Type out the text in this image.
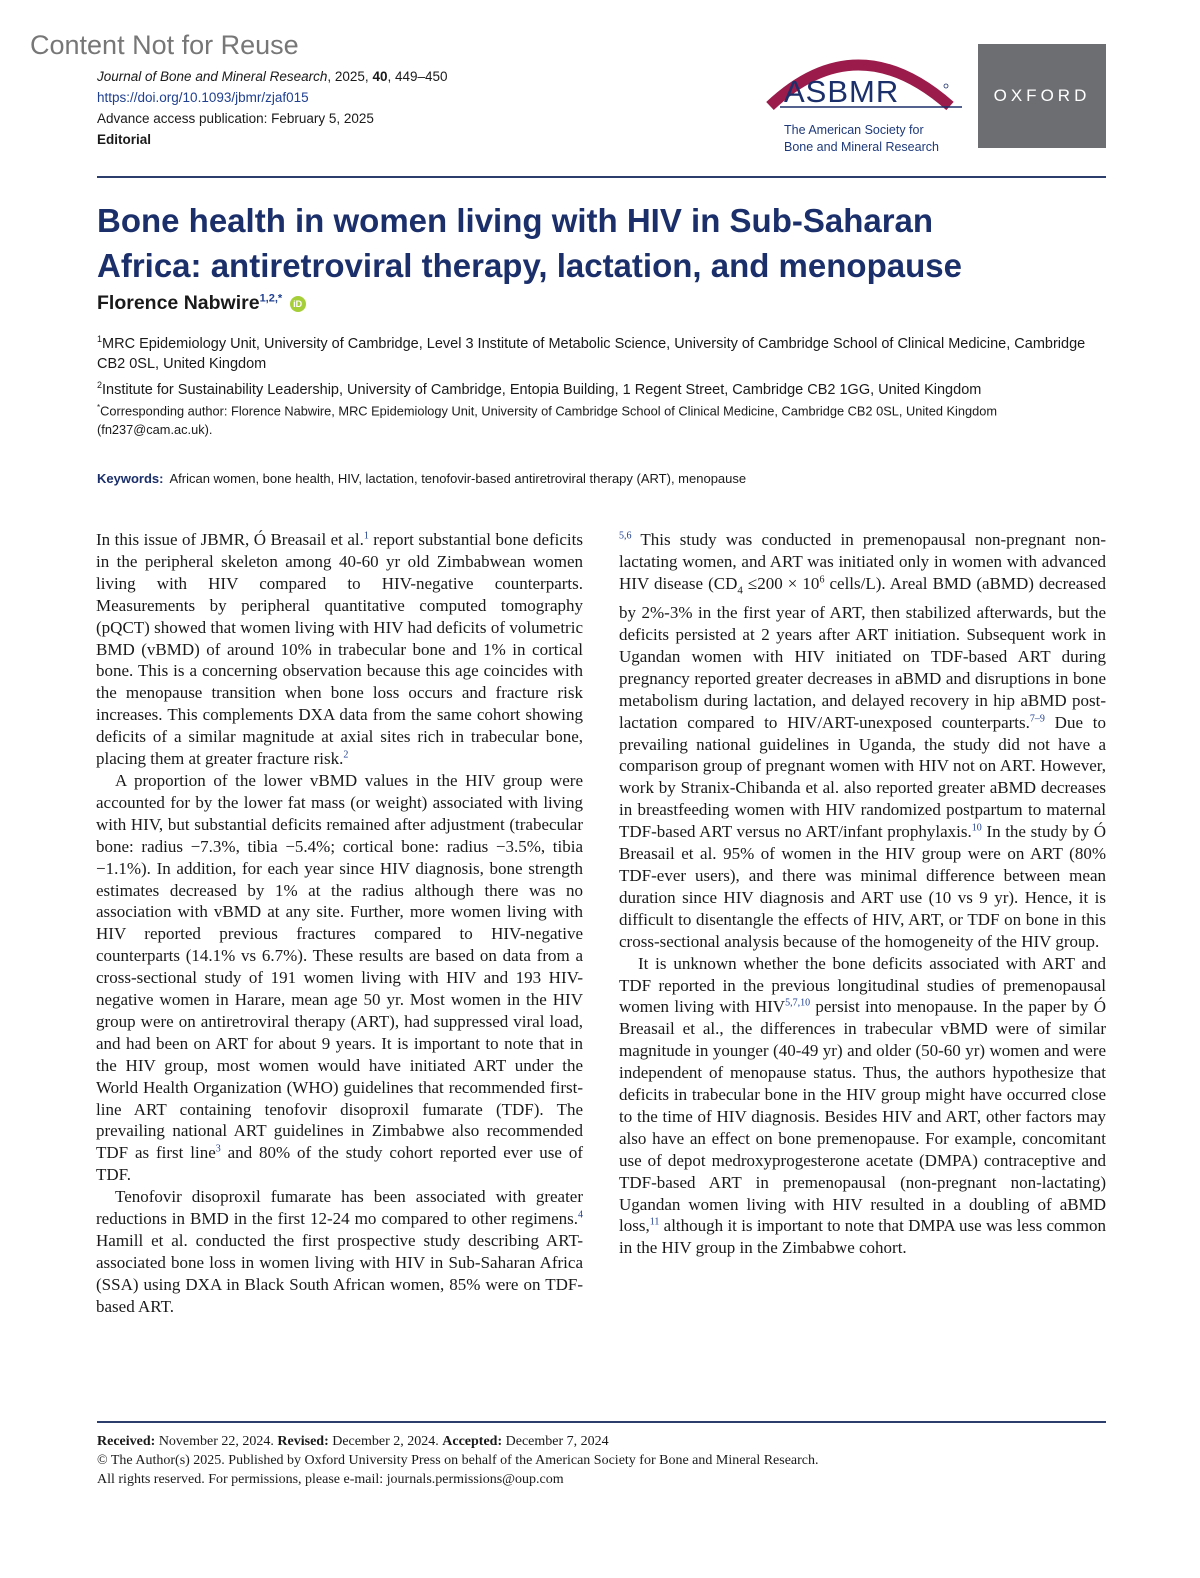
Content Not for Reuse
Journal of Bone and Mineral Research, 2025, 40, 449–450
https://doi.org/10.1093/jbmr/zjaf015
Advance access publication: February 5, 2025
Editorial
ASBMR
The American Society for
Bone and Mineral Research
OXFORD
Bone health in women living with HIV in Sub-Saharan
Africa: antiretroviral therapy, lactation, and menopause
Florence Nabwire$^{1,2,*}$ iD

$^1$MRC Epidemiology Unit, University of Cambridge, Level 3 Institute of Metabolic Science, University of Cambridge School of Clinical Medicine, Cambridge CB2 0SL, United Kingdom

$^2$Institute for Sustainability Leadership, University of Cambridge, Entopia Building, 1 Regent Street, Cambridge CB2 1GG, United Kingdom

*Corresponding author: Florence Nabwire, MRC Epidemiology Unit, University of Cambridge School of Clinical Medicine, Cambridge CB2 0SL, United Kingdom (fn237@cam.ac.uk).
Keywords: African women, bone health, HIV, lactation, tenofovir-based antiretroviral therapy (ART), menopause

In this issue of JBMR, Ó Breasail et al.$^1$ report substantial bone deficits in the peripheral skeleton among 40-60 yr old Zimbabwean women living with HIV compared to HIV-negative counterparts. Measurements by peripheral quantitative computed tomography (pQCT) showed that women living with HIV had deficits of volumetric BMD (vBMD) of around 10% in trabecular bone and 1% in cortical bone. This is a concerning observation because this age coincides with the menopause transition when bone loss occurs and fracture risk increases. This complements DXA data from the same cohort showing deficits of a similar magnitude at axial sites rich in trabecular bone, placing them at greater fracture risk.$^2$

A proportion of the lower vBMD values in the HIV group were accounted for by the lower fat mass (or weight) associated with living with HIV, but substantial deficits remained after adjustment (trabecular bone: radius −7.3%, tibia −5.4%; cortical bone: radius −3.5%, tibia −1.1%). In addition, for each year since HIV diagnosis, bone strength estimates decreased by 1% at the radius although there was no association with vBMD at any site. Further, more women living with HIV reported previous fractures compared to HIV-negative counterparts (14.1% vs 6.7%). These results are based on data from a cross-sectional study of 191 women living with HIV and 193 HIV-negative women in Harare, mean age 50 yr. Most women in the HIV group were on antiretroviral therapy (ART), had suppressed viral load, and had been on ART for about 9 years. It is important to note that in the HIV group, most women would have initiated ART under the World Health Organization (WHO) guidelines that recommended first-line ART containing tenofovir disoproxil fumarate (TDF). The prevailing national ART guidelines in Zimbabwe also recommended TDF as first line$^3$ and 80% of the study cohort reported ever use of TDF.

Tenofovir disoproxil fumarate has been associated with greater reductions in BMD in the first 12-24 mo compared to other regimens.$^4$ Hamill et al. conducted the first prospective study describing ART-associated bone loss in women living with HIV in Sub-Saharan Africa (SSA) using DXA in Black South African women, 85% were on TDF-based ART.

$^{5,6}$ This study was conducted in premenopausal non-pregnant non-lactating women, and ART was initiated only in women with advanced HIV disease ($CD_4 \le 200 \times 10^6$ cells/L). Areal BMD (aBMD) decreased by 2%-3% in the first year of ART, then stabilized afterwards, but the deficits persisted at 2 years after ART initiation. Subsequent work in Ugandan women with HIV initiated on TDF-based ART during pregnancy reported greater decreases in aBMD and disruptions in bone metabolism during lactation, and delayed recovery in hip aBMD post-lactation compared to HIV/ART-unexposed counterparts.$^{7-9}$ Due to prevailing national guidelines in Uganda, the study did not have a comparison group of pregnant women with HIV not on ART. However, work by Stranix-Chibanda et al. also reported greater aBMD decreases in breastfeeding women with HIV randomized postpartum to maternal TDF-based ART versus no ART/infant prophylaxis.$^{10}$ In the study by Ó Breasail et al. 95% of women in the HIV group were on ART (80% TDF-ever users), and there was minimal difference between mean duration since HIV diagnosis and ART use (10 vs 9 yr). Hence, it is difficult to disentangle the effects of HIV, ART, or TDF on bone in this cross-sectional analysis because of the homogeneity of the HIV group.

It is unknown whether the bone deficits associated with ART and TDF reported in the previous longitudinal studies of premenopausal women living with HIV$^{5,7,10}$ persist into menopause. In the paper by Ó Breasail et al., the differences in trabecular vBMD were of similar magnitude in younger (40-49 yr) and older (50-60 yr) women and were independent of menopause status. Thus, the authors hypothesize that deficits in trabecular bone in the HIV group might have occurred close to the time of HIV diagnosis. Besides HIV and ART, other factors may also have an effect on bone premenopause. For example, concomitant use of depot medroxyprogesterone acetate (DMPA) contraceptive and TDF-based ART in premenopausal (non-pregnant non-lactating) Ugandan women living with HIV resulted in a doubling of aBMD loss,$^{11}$ although it is important to note that DMPA use was less common in the HIV group in the Zimbabwe cohort.

Received: November 22, 2024. Revised: December 2, 2024. Accepted: December 7, 2024

© The Author(s) 2025. Published by Oxford University Press on behalf of the American Society for Bone and Mineral Research.

All rights reserved. For permissions, please e-mail: journals.permissions@oup.com
